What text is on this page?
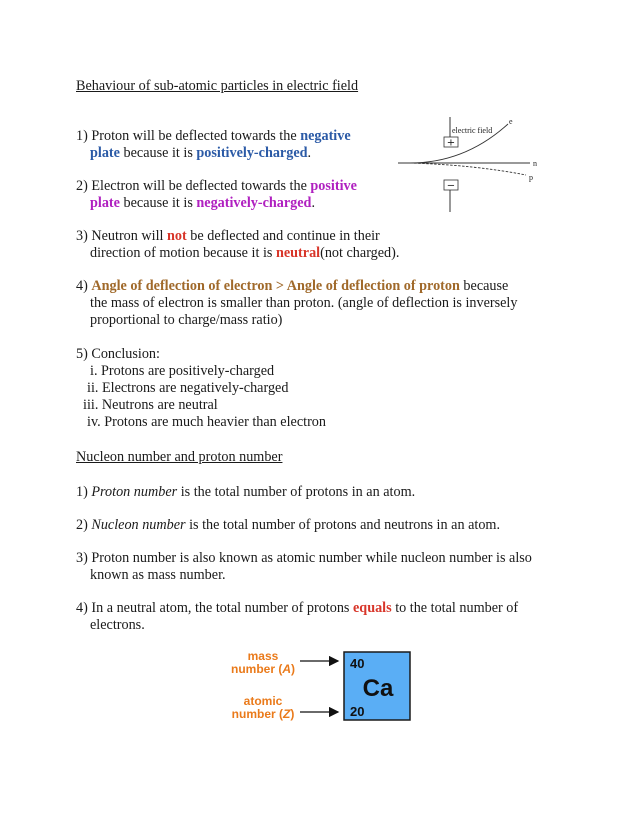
Behaviour of sub-atomic particles in electric field
1) Proton will be deflected towards the negative
plate because it is positively-charged.
2) Electron will be deflected towards the positive
plate because it is negatively-charged.
3) Neutron will not be deflected and continue in their
direction of motion because it is neutral(not charged).
4) Angle of deflection of electron > Angle of deflection of proton because
the mass of electron is smaller than proton. (angle of deflection is inversely
proportional to charge/mass ratio)
5) Conclusion:
i. Protons are positively-charged
ii. Electrons are negatively-charged
iii. Neutrons are neutral
iv. Protons are much heavier than electron
+
electric field
−
e
n
p
Nucleon number and proton number
1) Proton number is the total number of protons in an atom.
2) Nucleon number is the total number of protons and neutrons in an atom.
3) Proton number is also known as atomic number while nucleon number is also
known as mass number.
4) In a neutral atom, the total number of protons equals to the total number of
electrons.
mass
number (A)
atomic
number (Z)
40
Ca
20
